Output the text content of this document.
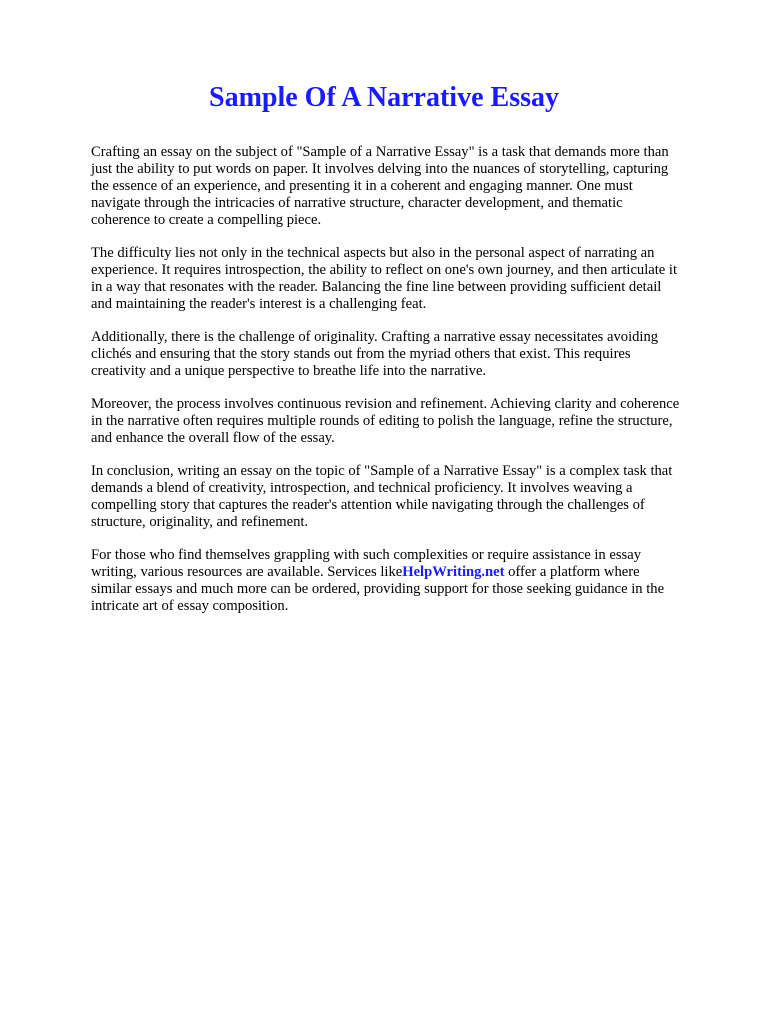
Sample Of A Narrative Essay

Crafting an essay on the subject of "Sample of a Narrative Essay" is a task that demands more than
just the ability to put words on paper. It involves delving into the nuances of storytelling, capturing
the essence of an experience, and presenting it in a coherent and engaging manner. One must
navigate through the intricacies of narrative structure, character development, and thematic
coherence to create a compelling piece.

The difficulty lies not only in the technical aspects but also in the personal aspect of narrating an
experience. It requires introspection, the ability to reflect on one's own journey, and then articulate it
in a way that resonates with the reader. Balancing the fine line between providing sufficient detail
and maintaining the reader's interest is a challenging feat.

Additionally, there is the challenge of originality. Crafting a narrative essay necessitates avoiding
clichés and ensuring that the story stands out from the myriad others that exist. This requires
creativity and a unique perspective to breathe life into the narrative.

Moreover, the process involves continuous revision and refinement. Achieving clarity and coherence
in the narrative often requires multiple rounds of editing to polish the language, refine the structure,
and enhance the overall flow of the essay.

In conclusion, writing an essay on the topic of "Sample of a Narrative Essay" is a complex task that
demands a blend of creativity, introspection, and technical proficiency. It involves weaving a
compelling story that captures the reader's attention while navigating through the challenges of
structure, originality, and refinement.

For those who find themselves grappling with such complexities or require assistance in essay
writing, various resources are available. Services likeHelpWriting.net offer a platform where
similar essays and much more can be ordered, providing support for those seeking guidance in the
intricate art of essay composition.
